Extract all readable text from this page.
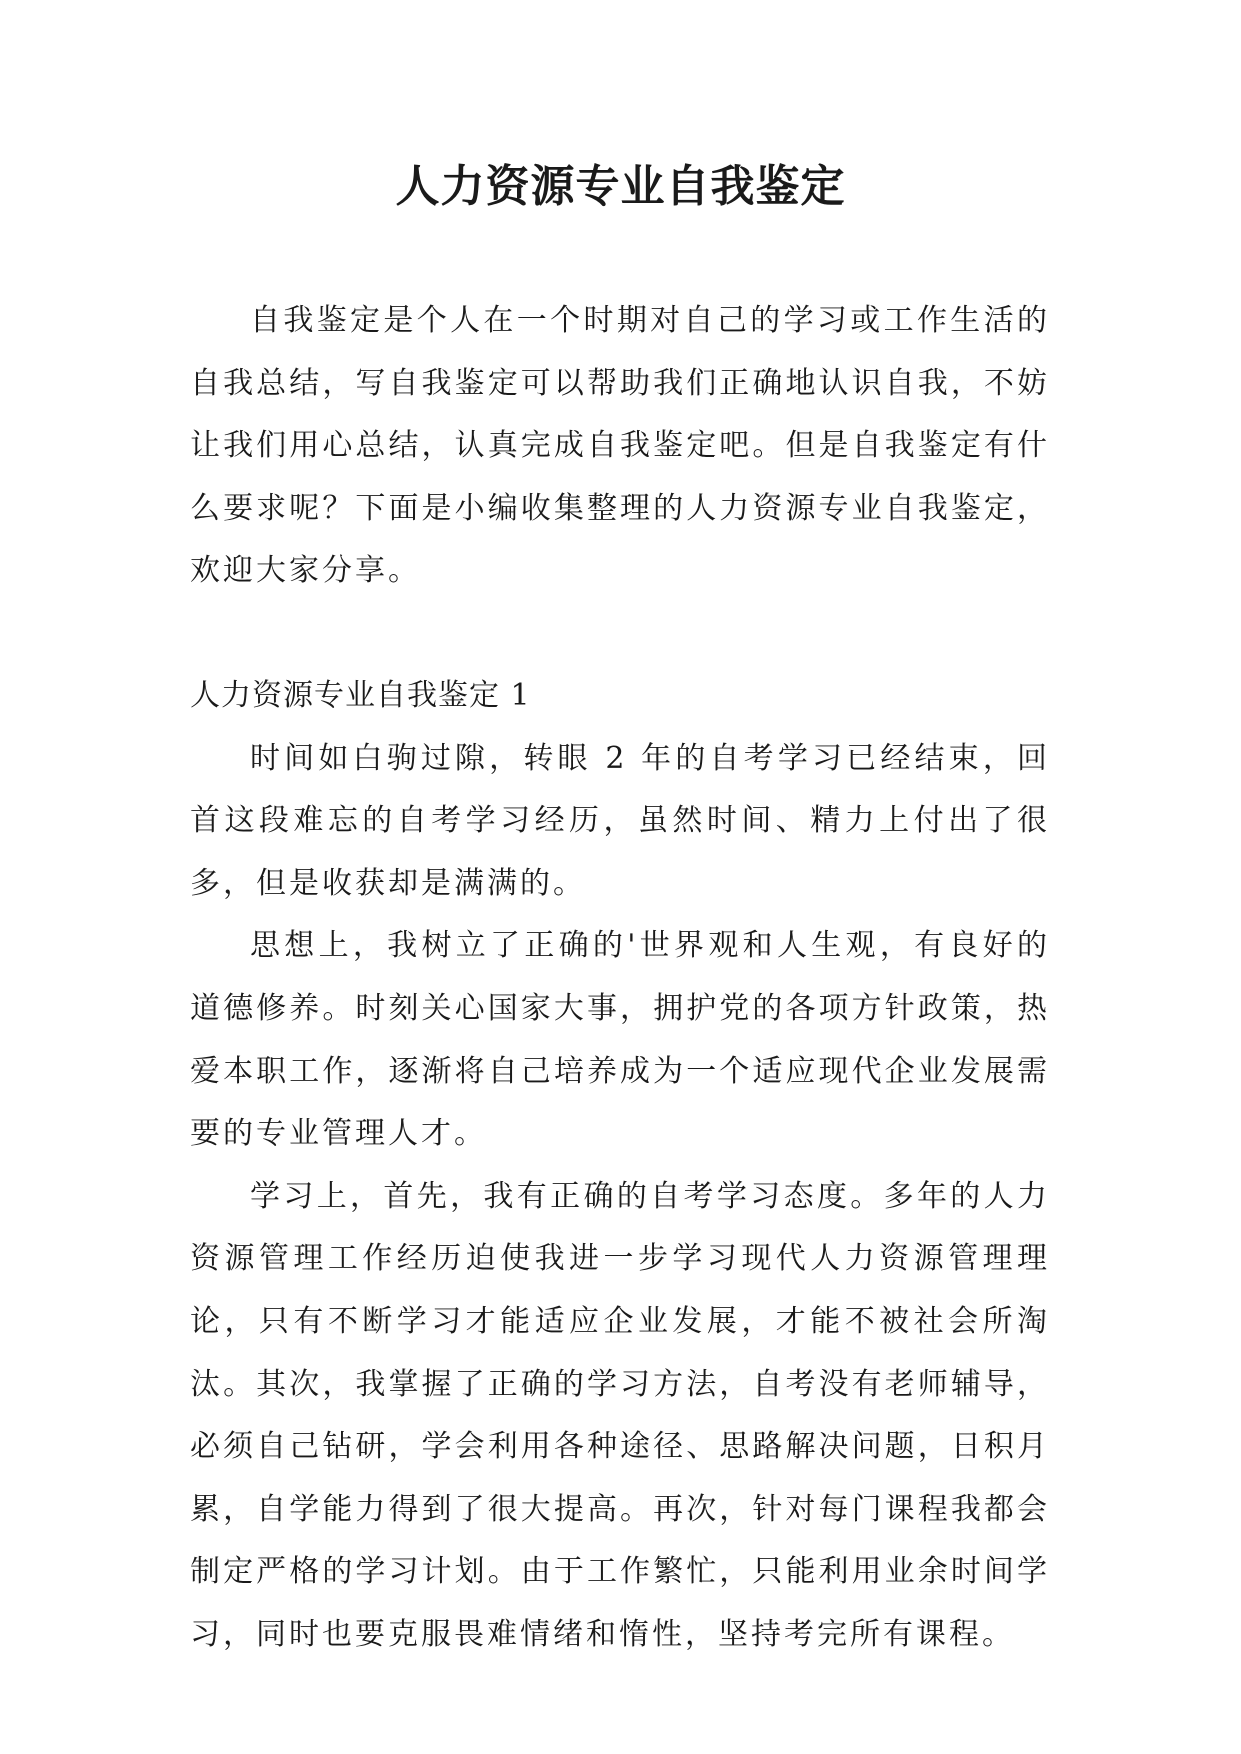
人力资源专业自我鉴定

自我鉴定是个人在一个时期对自己的学习或工作生活的自我总结，写自我鉴定可以帮助我们正确地认识自我，不妨让我们用心总结，认真完成自我鉴定吧。但是自我鉴定有什么要求呢？下面是小编收集整理的人力资源专业自我鉴定，欢迎大家分享。

人力资源专业自我鉴定 1

时间如白驹过隙，转眼 2 年的自考学习已经结束，回首这段难忘的自考学习经历，虽然时间、精力上付出了很多，但是收获却是满满的。

思想上，我树立了正确的'世界观和人生观，有良好的道德修养。时刻关心国家大事，拥护党的各项方针政策，热爱本职工作，逐渐将自己培养成为一个适应现代企业发展需要的专业管理人才。

学习上，首先，我有正确的自考学习态度。多年的人力资源管理工作经历迫使我进一步学习现代人力资源管理理论，只有不断学习才能适应企业发展，才能不被社会所淘汰。其次，我掌握了正确的学习方法，自考没有老师辅导，必须自己钻研，学会利用各种途径、思路解决问题，日积月累，自学能力得到了很大提高。再次，针对每门课程我都会制定严格的学习计划。由于工作繁忙，只能利用业余时间学习，同时也要克服畏难情绪和惰性，坚持考完所有课程。
